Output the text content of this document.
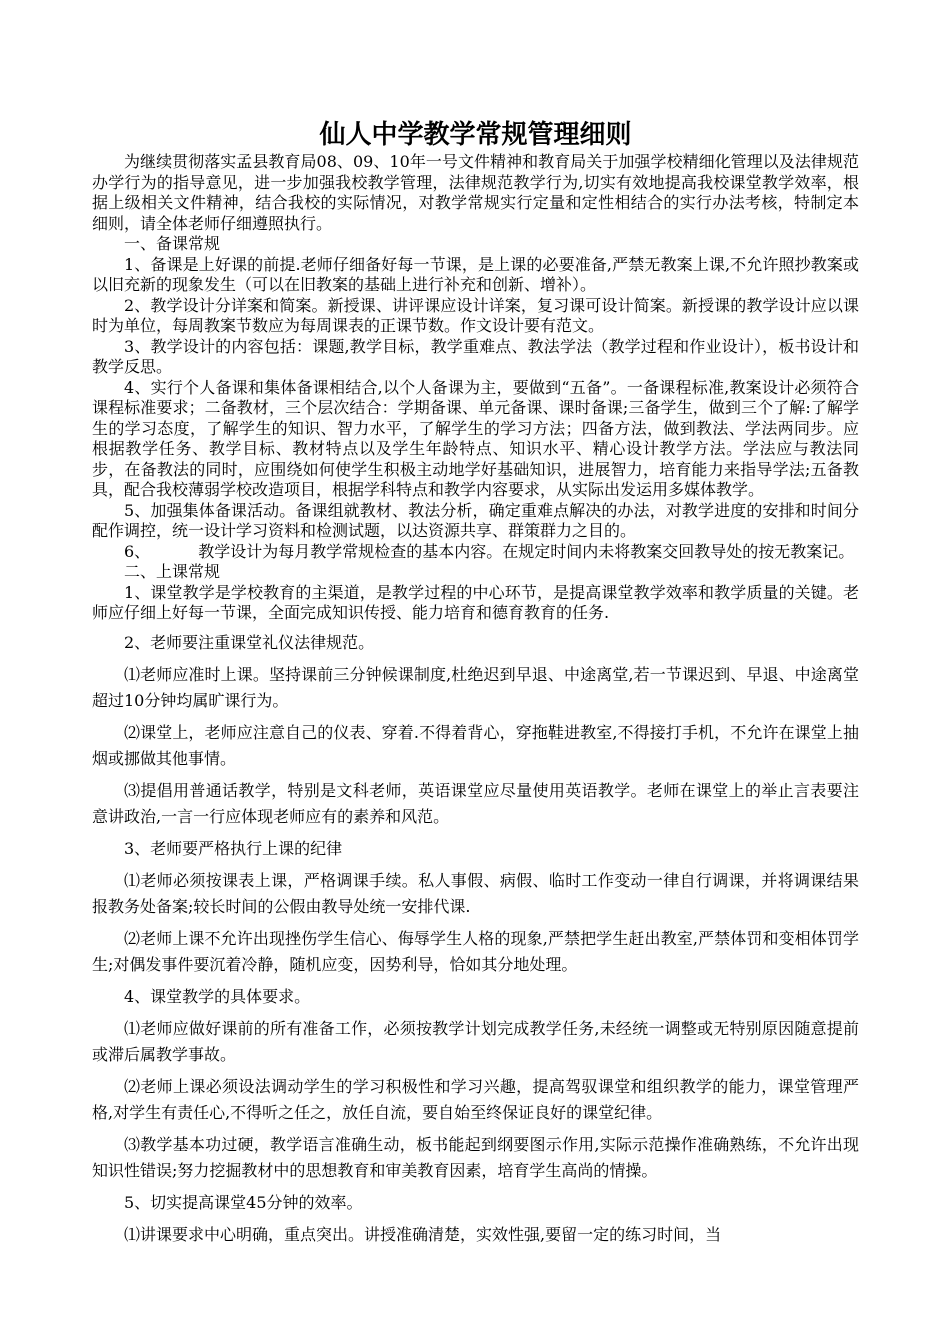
仙人中学教学常规管理细则

为继续贯彻落实孟县教育局08、09、10年一号文件精神和教育局关于加强学校精细化管理以及法律规范办学行为的指导意见，进一步加强我校教学管理，法律规范教学行为,切实有效地提高我校课堂教学效率，根据上级相关文件精神，结合我校的实际情况，对教学常规实行定量和定性相结合的实行办法考核，特制定本细则，请全体老师仔细遵照执行。

一、备课常规

1、备课是上好课的前提.老师仔细备好每一节课，是上课的必要准备,严禁无教案上课,不允许照抄教案或以旧充新的现象发生（可以在旧教案的基础上进行补充和创新、增补）。

2、教学设计分详案和简案。新授课、讲评课应设计详案，复习课可设计简案。新授课的教学设计应以课时为单位，每周教案节数应为每周课表的正课节数。作文设计要有范文。

3、教学设计的内容包括：课题,教学目标，教学重难点、教法学法（教学过程和作业设计），板书设计和教学反思。

4、实行个人备课和集体备课相结合,以个人备课为主，要做到“五备”。一备课程标准,教案设计必须符合课程标准要求；二备教材，三个层次结合：学期备课、单元备课、课时备课;三备学生，做到三个了解:了解学生的学习态度，了解学生的知识、智力水平，了解学生的学习方法；四备方法，做到教法、学法两同步。应根据教学任务、教学目标、教材特点以及学生年龄特点、知识水平、精心设计教学方法。学法应与教法同步，在备教法的同时，应围绕如何使学生积极主动地学好基础知识，进展智力，培育能力来指导学法;五备教具，配合我校薄弱学校改造项目，根据学科特点和教学内容要求，从实际出发运用多媒体教学。

5、加强集体备课活动。备课组就教材、教法分析，确定重难点解决的办法，对教学进度的安排和时间分配作调控，统一设计学习资料和检测试题，以达资源共享、群策群力之目的。

6、	教学设计为每月教学常规检查的基本内容。在规定时间内未将教案交回教导处的按无教案记。

二、上课常规

1、课堂教学是学校教育的主渠道，是教学过程的中心环节，是提高课堂教学效率和教学质量的关键。老师应仔细上好每一节课，全面完成知识传授、能力培育和德育教育的任务.

2、老师要注重课堂礼仪法律规范。

⑴老师应准时上课。坚持课前三分钟候课制度,杜绝迟到早退、中途离堂,若一节课迟到、早退、中途离堂超过10分钟均属旷课行为。

⑵课堂上，老师应注意自己的仪表、穿着.不得着背心，穿拖鞋进教室,不得接打手机，不允许在课堂上抽烟或挪做其他事情。

⑶提倡用普通话教学，特别是文科老师，英语课堂应尽量使用英语教学。老师在课堂上的举止言表要注意讲政治,一言一行应体现老师应有的素养和风范。

3、老师要严格执行上课的纪律

⑴老师必须按课表上课，严格调课手续。私人事假、病假、临时工作变动一律自行调课，并将调课结果报教务处备案;较长时间的公假由教导处统一安排代课.

⑵老师上课不允许出现挫伤学生信心、侮辱学生人格的现象,严禁把学生赶出教室,严禁体罚和变相体罚学生;对偶发事件要沉着冷静，随机应变，因势利导，恰如其分地处理。

4、课堂教学的具体要求。

⑴老师应做好课前的所有准备工作，必须按教学计划完成教学任务,未经统一调整或无特别原因随意提前或滞后属教学事故。

⑵老师上课必须设法调动学生的学习积极性和学习兴趣，提高驾驭课堂和组织教学的能力，课堂管理严格,对学生有责任心,不得听之任之，放任自流，要自始至终保证良好的课堂纪律。

⑶教学基本功过硬，教学语言准确生动，板书能起到纲要图示作用,实际示范操作准确熟练，不允许出现知识性错误;努力挖掘教材中的思想教育和审美教育因素，培育学生高尚的情操。

5、切实提高课堂45分钟的效率。

⑴讲课要求中心明确，重点突出。讲授准确清楚，实效性强,要留一定的练习时间，当
